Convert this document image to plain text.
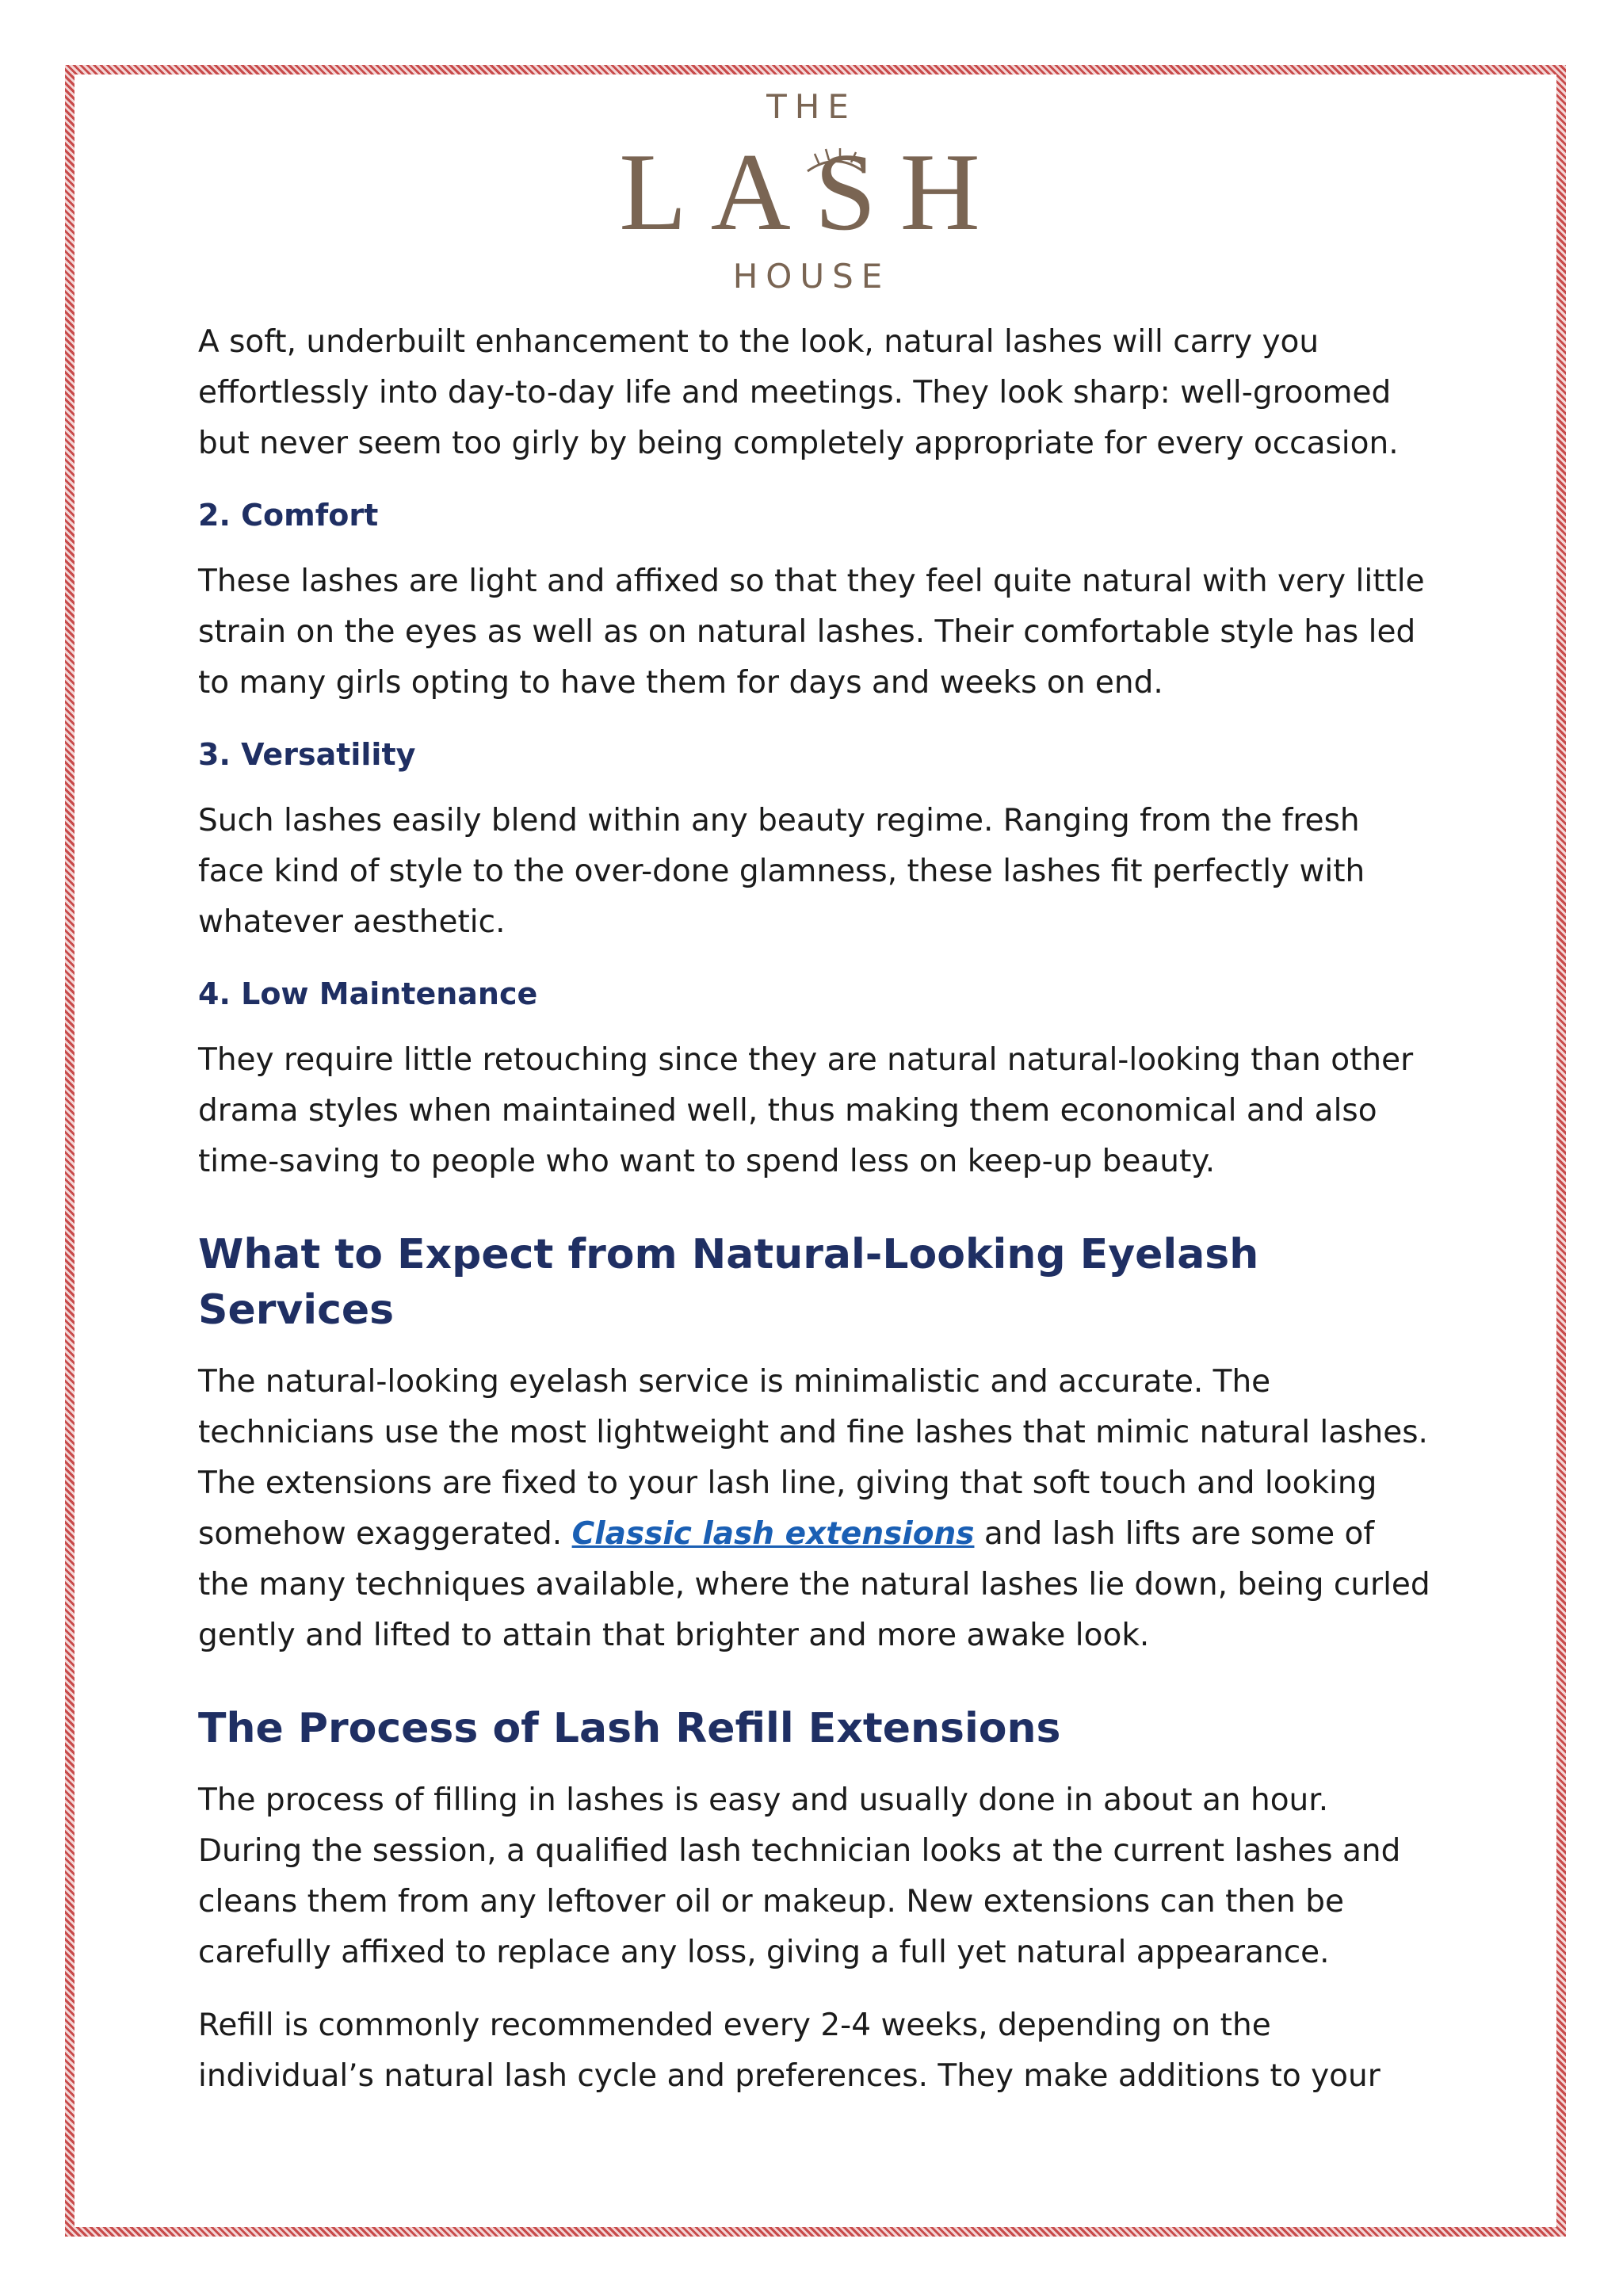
THE
LASH
HOUSE

A soft, underbuilt enhancement to the look, natural lashes will carry you effortlessly into day-to-day life and meetings. They look sharp: well-groomed but never seem too girly by being completely appropriate for every occasion.

2. Comfort

These lashes are light and affixed so that they feel quite natural with very little strain on the eyes as well as on natural lashes. Their comfortable style has led to many girls opting to have them for days and weeks on end.

3. Versatility

Such lashes easily blend within any beauty regime. Ranging from the fresh face kind of style to the over-done glamness, these lashes fit perfectly with whatever aesthetic.

4. Low Maintenance

They require little retouching since they are natural natural-looking than other drama styles when maintained well, thus making them economical and also time-saving to people who want to spend less on keep-up beauty.

What to Expect from Natural-Looking Eyelash Services

The natural-looking eyelash service is minimalistic and accurate. The technicians use the most lightweight and fine lashes that mimic natural lashes. The extensions are fixed to your lash line, giving that soft touch and looking somehow exaggerated. Classic lash extensions and lash lifts are some of the many techniques available, where the natural lashes lie down, being curled gently and lifted to attain that brighter and more awake look.

The Process of Lash Refill Extensions

The process of filling in lashes is easy and usually done in about an hour. During the session, a qualified lash technician looks at the current lashes and cleans them from any leftover oil or makeup. New extensions can then be carefully affixed to replace any loss, giving a full yet natural appearance.

Refill is commonly recommended every 2-4 weeks, depending on the individual’s natural lash cycle and preferences. They make additions to your
